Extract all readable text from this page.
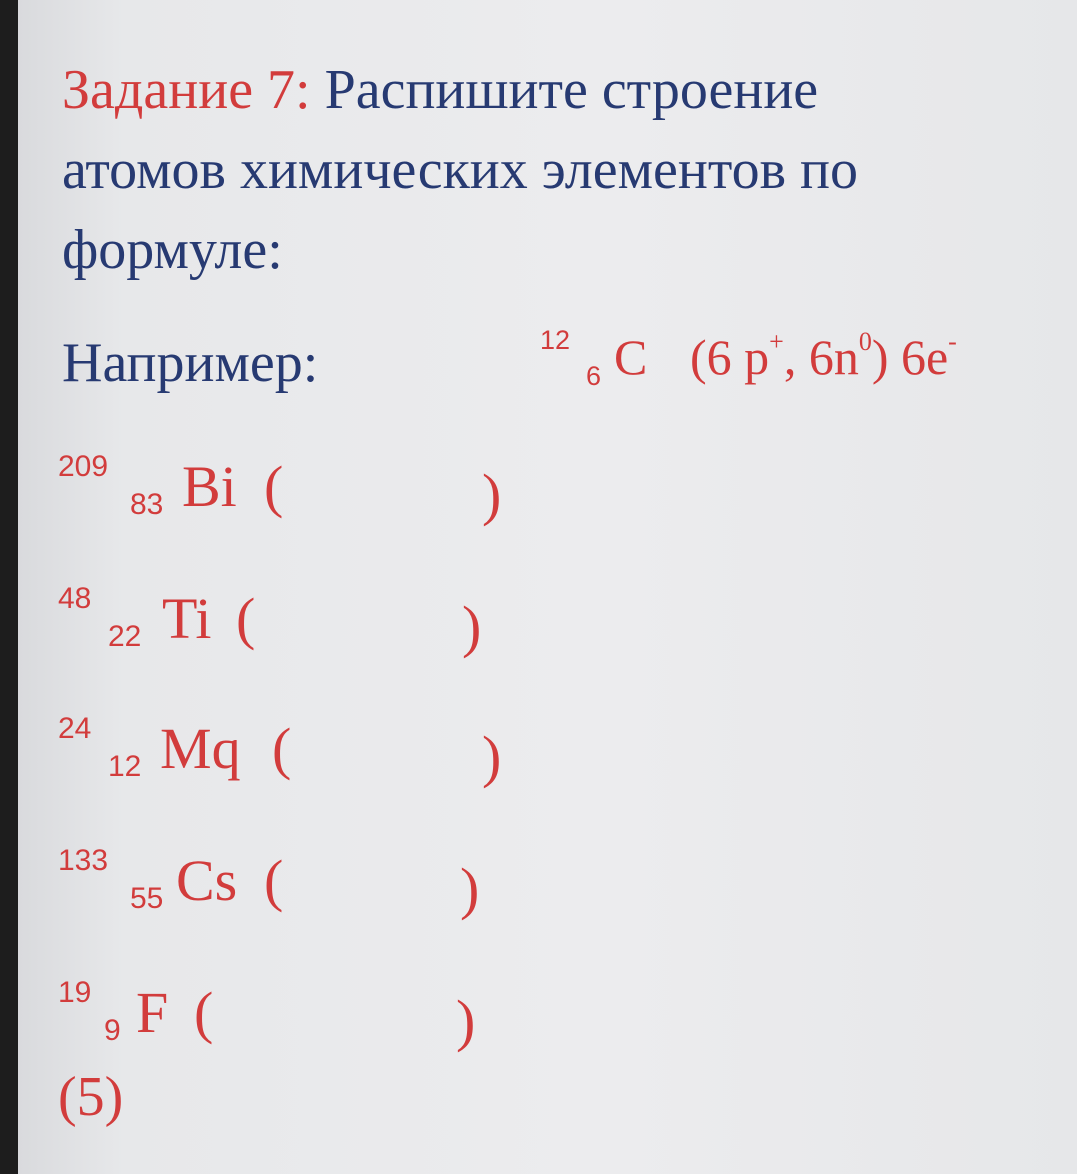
Задание 7: Распишите строение
атомов химических элементов по
формуле:
Например:	12
6 C (6 p+, $6n^0$) 6e-
209
83 Bi (	)
48
22 Ti (	)
24
12 Mq (	)
133
55 Cs (	)
19
9 F (	)
(5)
